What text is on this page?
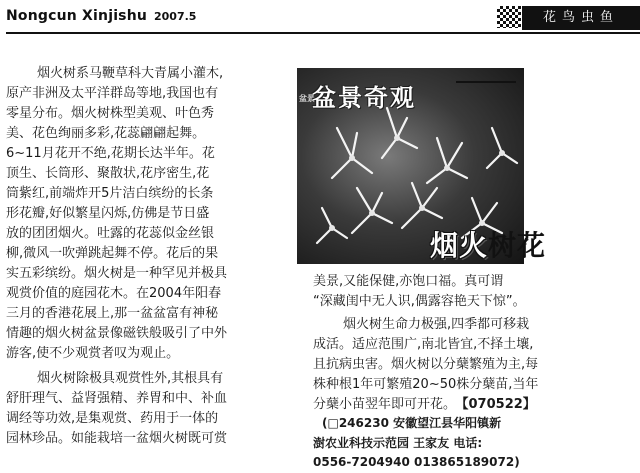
Nongcun Xinjishu 2007.5	花鸟虫鱼
烟火树系马鞭草科大青属小灌木,
原产非洲及太平洋群岛等地,我国也有
零星分布。烟火树株型美观、叶色秀
美、花色绚丽多彩,花蕊翩翩起舞。
6~11月花开不绝,花期长达半年。花
顶生、长筒形、聚散状,花序密生,花
筒紫红,前端炸开5片洁白缤纷的长条
形花瓣,好似繁星闪烁,仿佛是节日盛
放的团团烟火。吐露的花蕊似金丝银
柳,微风一吹弹跳起舞不停。花后的果
实五彩缤纷。烟火树是一种罕见并极具
观赏价值的庭园花木。在2004年阳春
三月的香港花展上,那一盆盆富有神秘
情趣的烟火树盆景像磁铁般吸引了中外
游客,使不少观赏者叹为观止。
烟火树除极具观赏性外,其根具有
舒肝理气、益肾强精、养胃和中、补血
调经等功效,是集观赏、药用于一体的
园林珍品。如能栽培一盆烟火树既可赏
盆景
盆景奇观
烟火树花
美景,又能保健,亦饱口福。真可谓
“深藏闺中无人识,偶露容艳天下惊”。
烟火树生命力极强,四季都可移栽
成活。适应范围广,南北皆宜,不择土壤,
且抗病虫害。烟火树以分蘖繁殖为主,每
株种根1年可繁殖20~50株分蘖苗,当年
分蘖小苗翌年即可开花。 【070522】
(□246230 安徽望江县华阳镇新
澍农业科技示范园 王家友 电话:
0556-7204940 013865189072)
